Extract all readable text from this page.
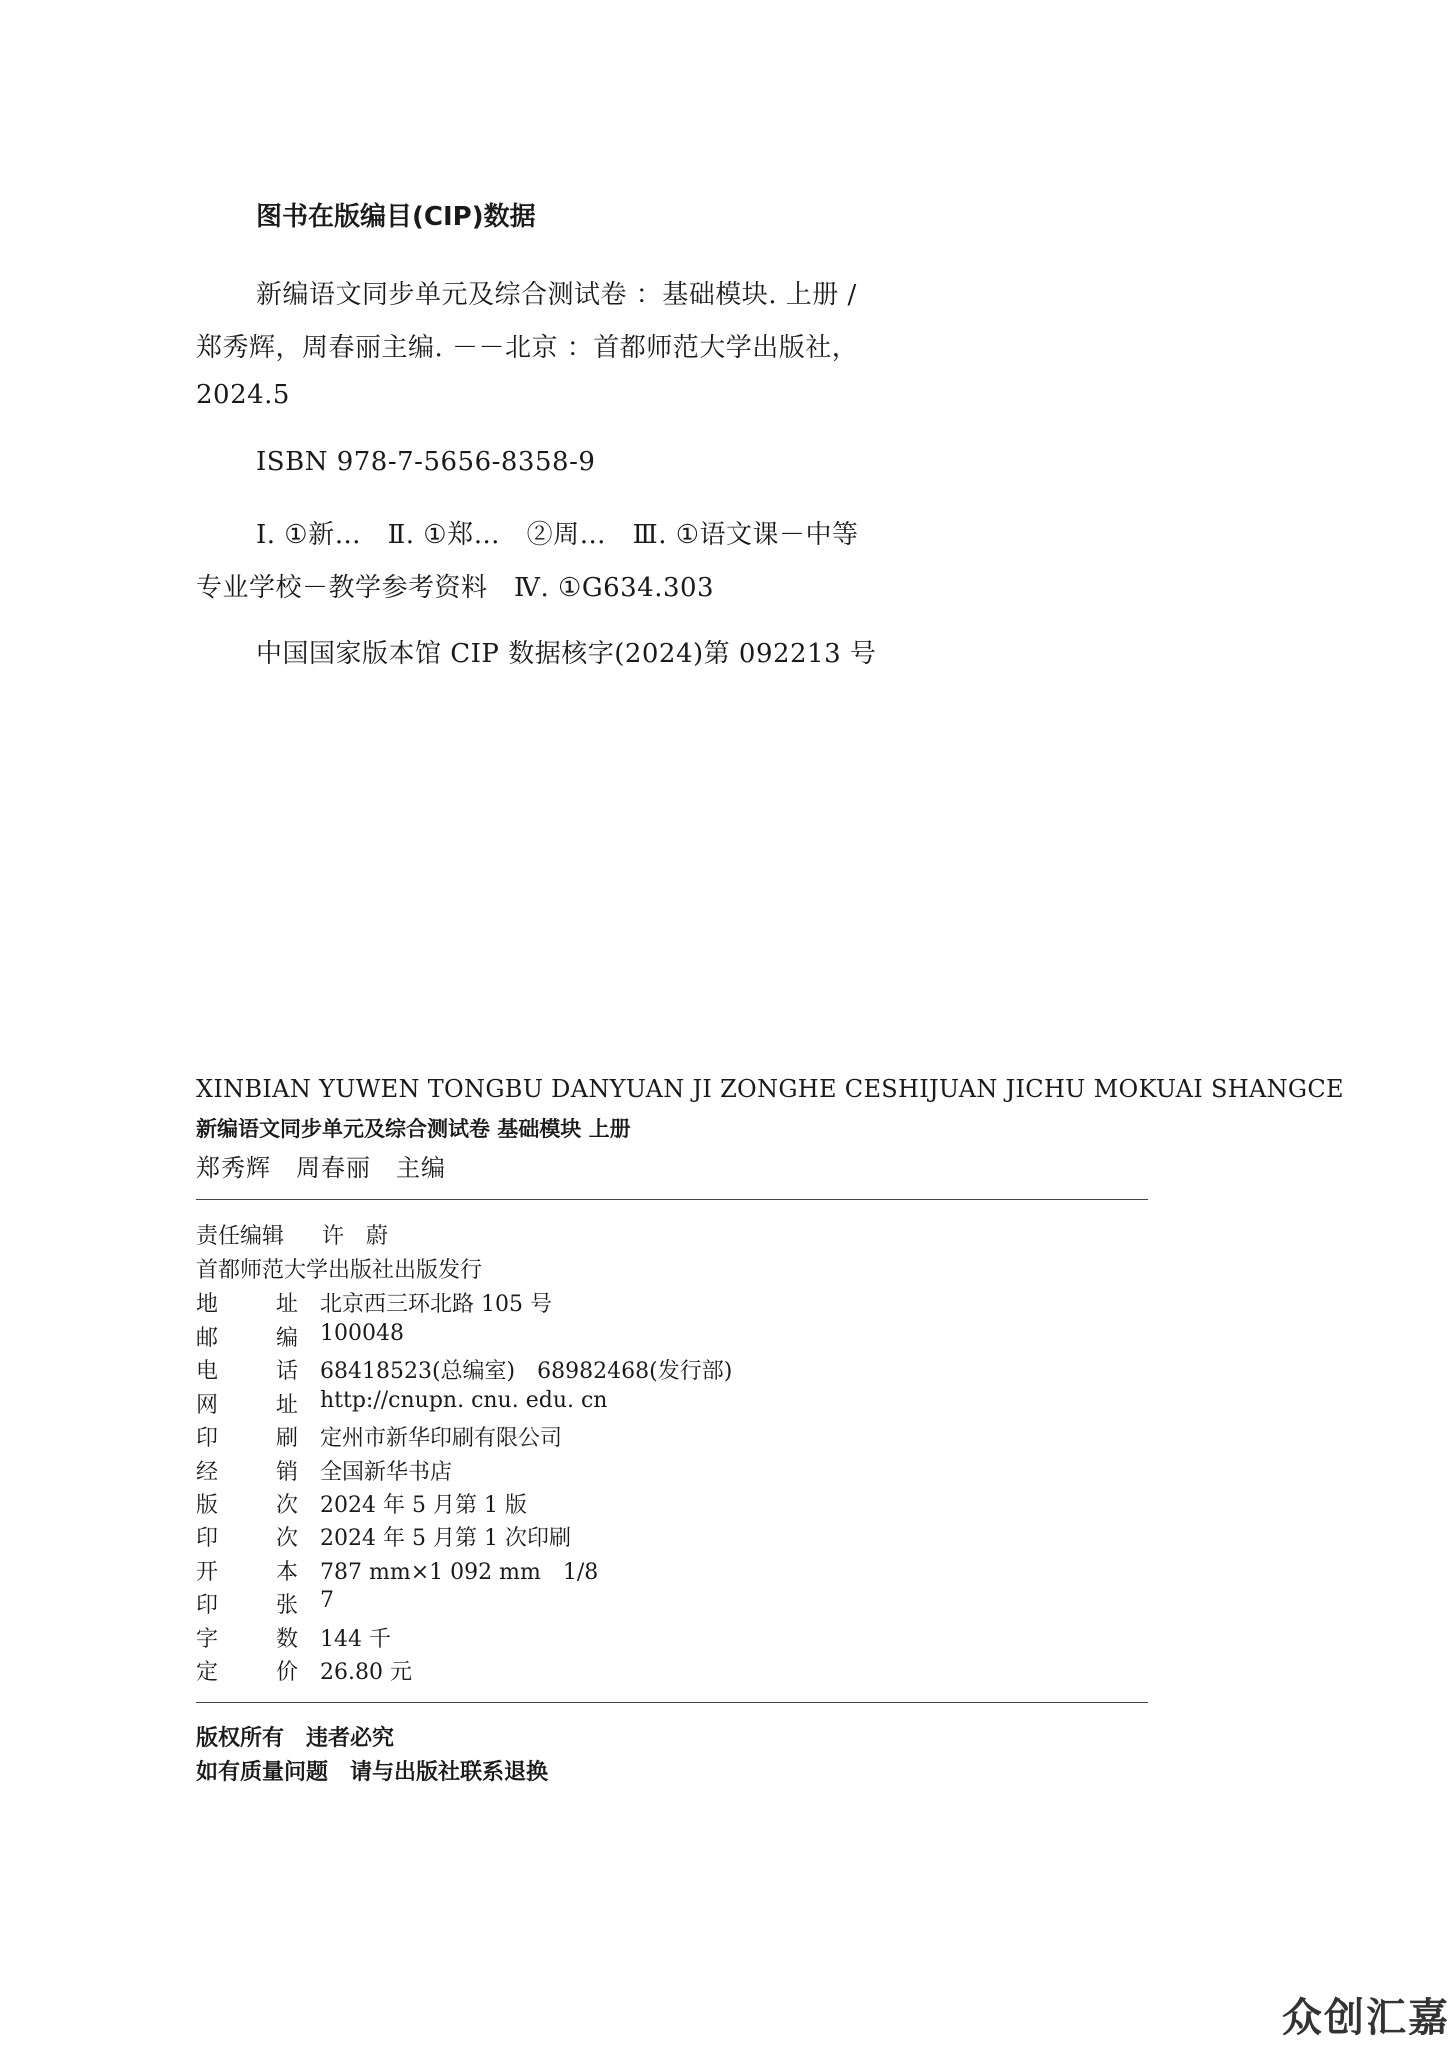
图书在版编目(CIP)数据
新编语文同步单元及综合测试卷 ：基础模块. 上册 /
郑秀辉，周春丽主编. －－北京 ：首都师范大学出版社，
2024.5
ISBN 978-7-5656-8358-9
Ⅰ. ①新…　Ⅱ. ①郑…　②周…　Ⅲ. ①语文课－中等
专业学校－教学参考资料　Ⅳ. ①G634.303
中国国家版本馆 CIP 数据核字(2024)第 092213 号
XINBIAN YUWEN TONGBU DANYUAN JI ZONGHE CESHIJUAN JICHU MOKUAI SHANGCE
新编语文同步单元及综合测试卷 基础模块 上册
郑秀辉　周春丽　主编
责任编辑 许　蔚
首都师范大学出版社出版发行
地	址 北京西三环北路 105 号
邮	编 100048
电	话 68418523(总编室)　68982468(发行部)
网	址 http://cnupn. cnu. edu. cn
印	刷 定州市新华印刷有限公司
经	销 全国新华书店
版	次 2024 年 5 月第 1 版
印	次 2024 年 5 月第 1 次印刷
开	本 787 mm×1 092 mm　1/8
印	张 7
字	数 144 千
定	价 26.80 元
版权所有　违者必究
如有质量问题　请与出版社联系退换
众创汇嘉
